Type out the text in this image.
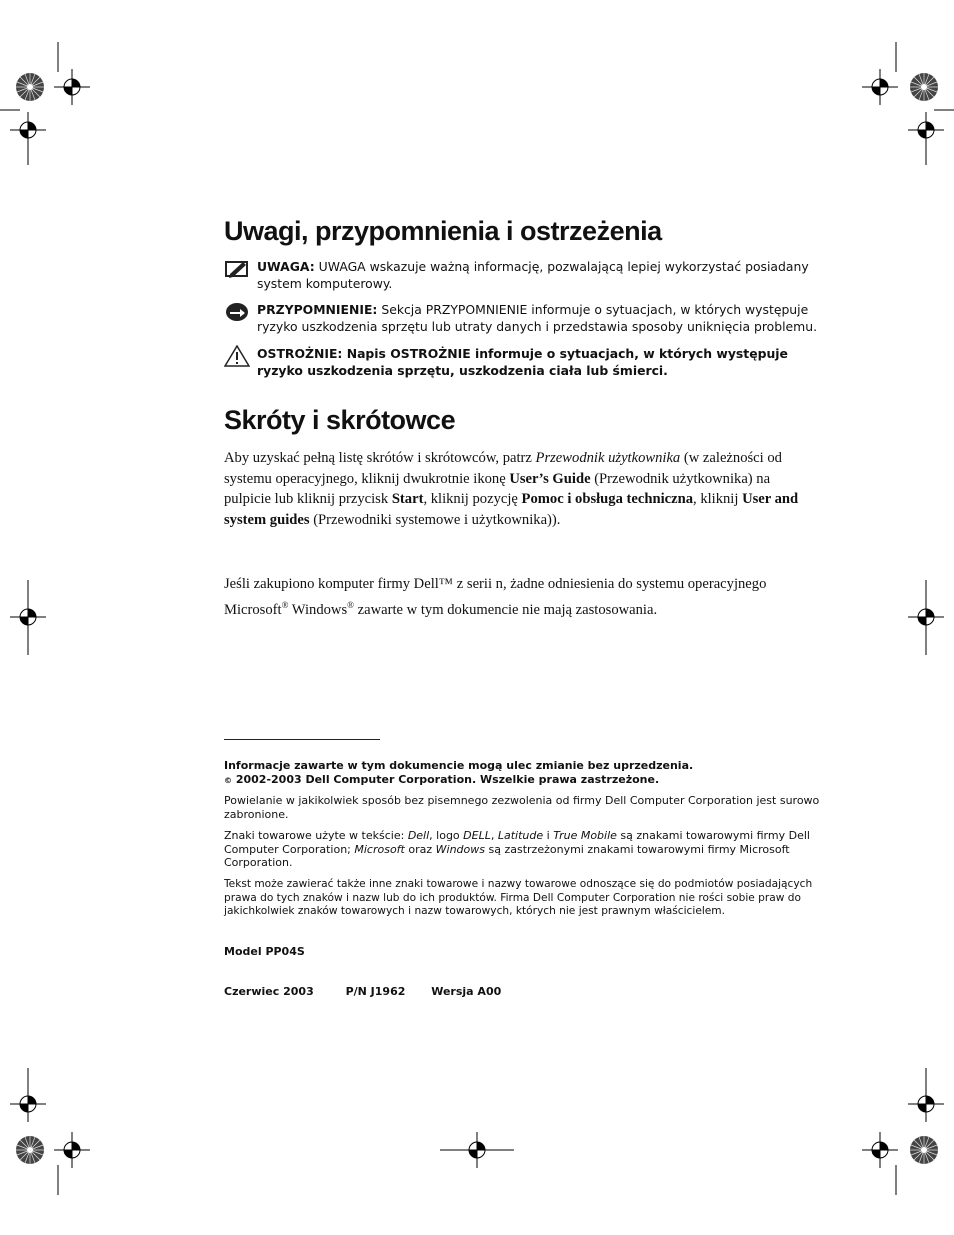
Uwagi, przypomnienia i ostrzeżenia
UWAGA: UWAGA wskazuje ważną informację, pozwalającą lepiej wykorzystać posiadany system komputerowy.
PRZYPOMNIENIE: Sekcja PRZYPOMNIENIE informuje o sytuacjach, w których występuje ryzyko uszkodzenia sprzętu lub utraty danych i przedstawia sposoby uniknięcia problemu.
OSTROŻNIE: Napis OSTROŻNIE informuje o sytuacjach, w których występuje ryzyko uszkodzenia sprzętu, uszkodzenia ciała lub śmierci.
Skróty i skrótowce

Aby uzyskać pełną listę skrótów i skrótowców, patrz Przewodnik użytkownika (w zależności od systemu operacyjnego, kliknij dwukrotnie ikonę User’s Guide (Przewodnik użytkownika) na pulpicie lub kliknij przycisk Start, kliknij pozycję Pomoc i obsługa techniczna, kliknij User and system guides (Przewodniki systemowe i użytkownika)).

Jeśli zakupiono komputer firmy Dell™ z serii n, żadne odniesienia do systemu operacyjnego Microsoft® Windows® zawarte w tym dokumencie nie mają zastosowania.

Informacje zawarte w tym dokumencie mogą ulec zmianie bez uprzedzenia.
© 2002-2003 Dell Computer Corporation. Wszelkie prawa zastrzeżone.

Powielanie w jakikolwiek sposób bez pisemnego zezwolenia od firmy Dell Computer Corporation jest surowo zabronione.

Znaki towarowe użyte w tekście: Dell, logo DELL, Latitude i True Mobile są znakami towarowymi firmy Dell Computer Corporation; Microsoft oraz Windows są zastrzeżonymi znakami towarowymi firmy Microsoft Corporation.

Tekst może zawierać także inne znaki towarowe i nazwy towarowe odnoszące się do podmiotów posiadających prawa do tych znaków i nazw lub do ich produktów. Firma Dell Computer Corporation nie rości sobie praw do jakichkolwiek znaków towarowych i nazw towarowych, których nie jest prawnym właścicielem.

Model PP04S
Czerwiec 2003	P/N J1962 Wersja A00
